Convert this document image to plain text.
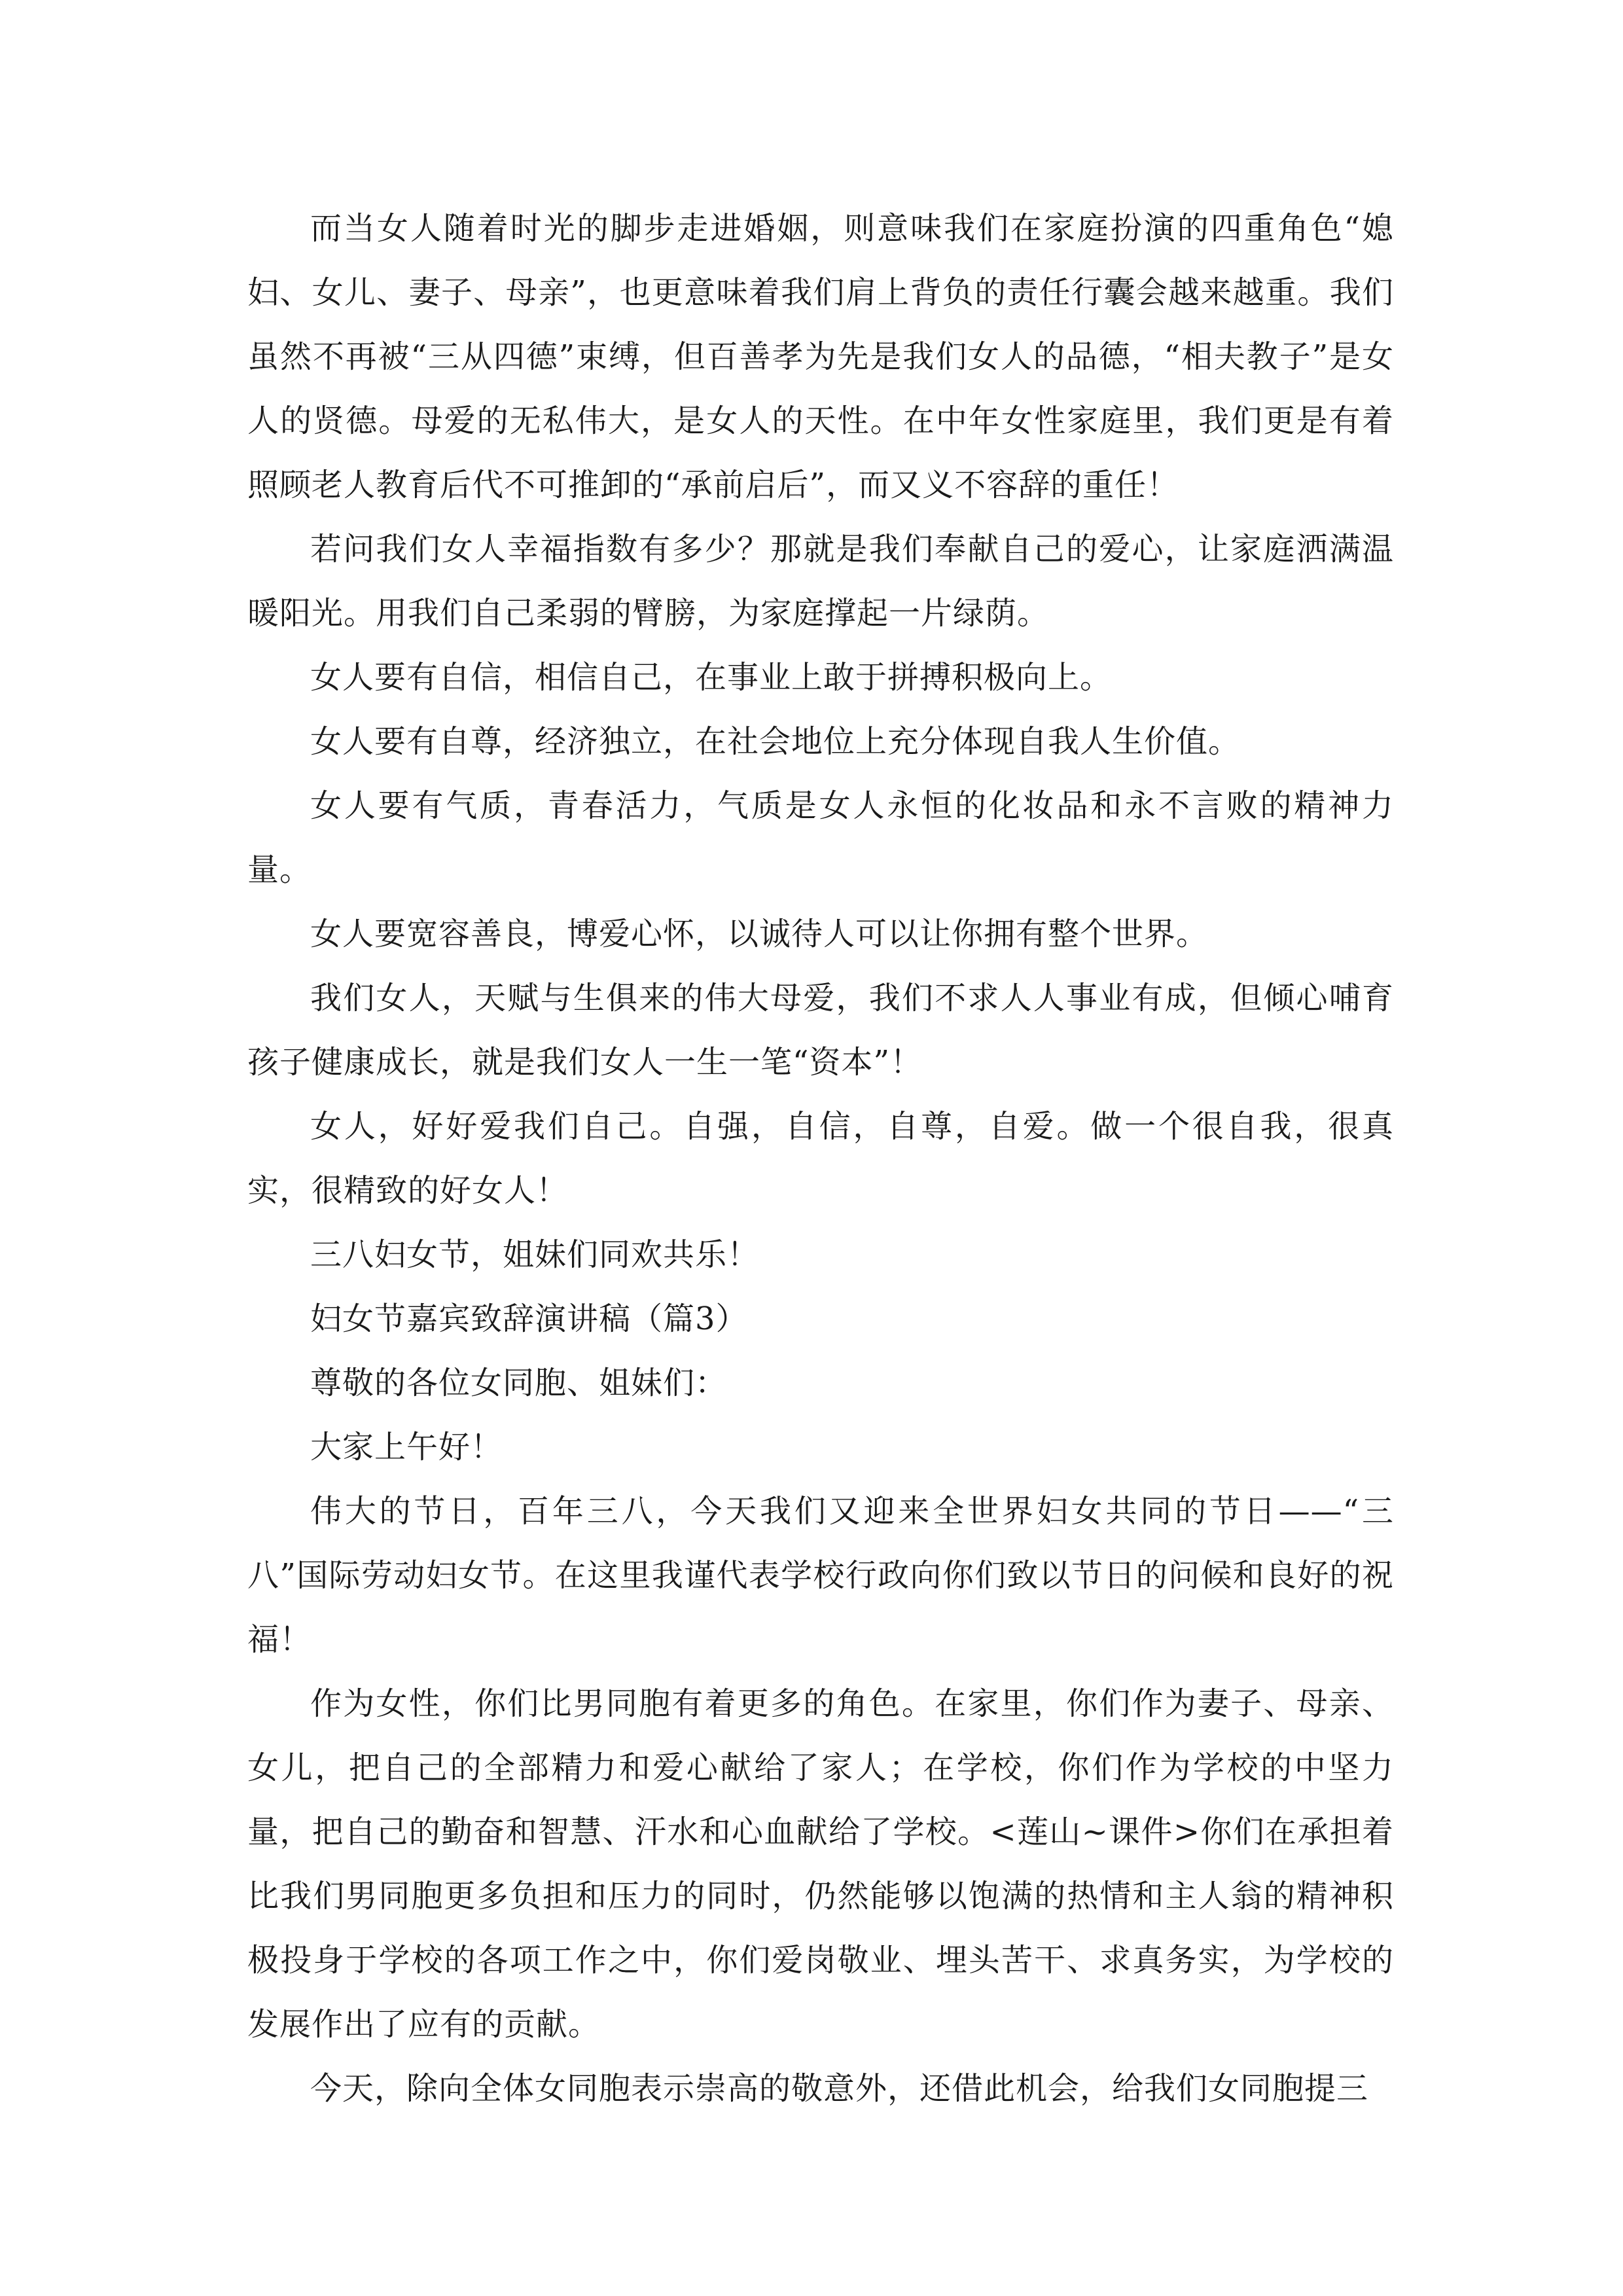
而当女人随着时光的脚步走进婚姻，则意味我们在家庭扮演的四重角色“媳妇、女儿、妻子、母亲”，也更意味着我们肩上背负的责任行囊会越来越重。我们虽然不再被“三从四德”束缚，但百善孝为先是我们女人的品德，“相夫教子”是女人的贤德。母爱的无私伟大，是女人的天性。在中年女性家庭里，我们更是有着照顾老人教育后代不可推卸的“承前启后”，而又义不容辞的重任！

若问我们女人幸福指数有多少？那就是我们奉献自己的爱心，让家庭洒满温暖阳光。用我们自己柔弱的臂膀，为家庭撑起一片绿荫。

女人要有自信，相信自己，在事业上敢于拼搏积极向上。

女人要有自尊，经济独立，在社会地位上充分体现自我人生价值。

女人要有气质，青春活力，气质是女人永恒的化妆品和永不言败的精神力量。

女人要宽容善良，博爱心怀，以诚待人可以让你拥有整个世界。

我们女人，天赋与生俱来的伟大母爱，我们不求人人事业有成，但倾心哺育孩子健康成长，就是我们女人一生一笔“资本”！

女人，好好爱我们自己。自强，自信，自尊，自爱。做一个很自我，很真实，很精致的好女人！

三八妇女节，姐妹们同欢共乐！

妇女节嘉宾致辞演讲稿（篇3）

尊敬的各位女同胞、姐妹们：

大家上午好！

伟大的节日，百年三八，今天我们又迎来全世界妇女共同的节日——“三八”国际劳动妇女节。在这里我谨代表学校行政向你们致以节日的问候和良好的祝福！

作为女性，你们比男同胞有着更多的角色。在家里，你们作为妻子、母亲、女儿，把自己的全部精力和爱心献给了家人；在学校，你们作为学校的中坚力量，把自己的勤奋和智慧、汗水和心血献给了学校。<莲山~课件>你们在承担着比我们男同胞更多负担和压力的同时，仍然能够以饱满的热情和主人翁的精神积极投身于学校的各项工作之中，你们爱岗敬业、埋头苦干、求真务实，为学校的发展作出了应有的贡献。

今天，除向全体女同胞表示崇高的敬意外，还借此机会，给我们女同胞提三
